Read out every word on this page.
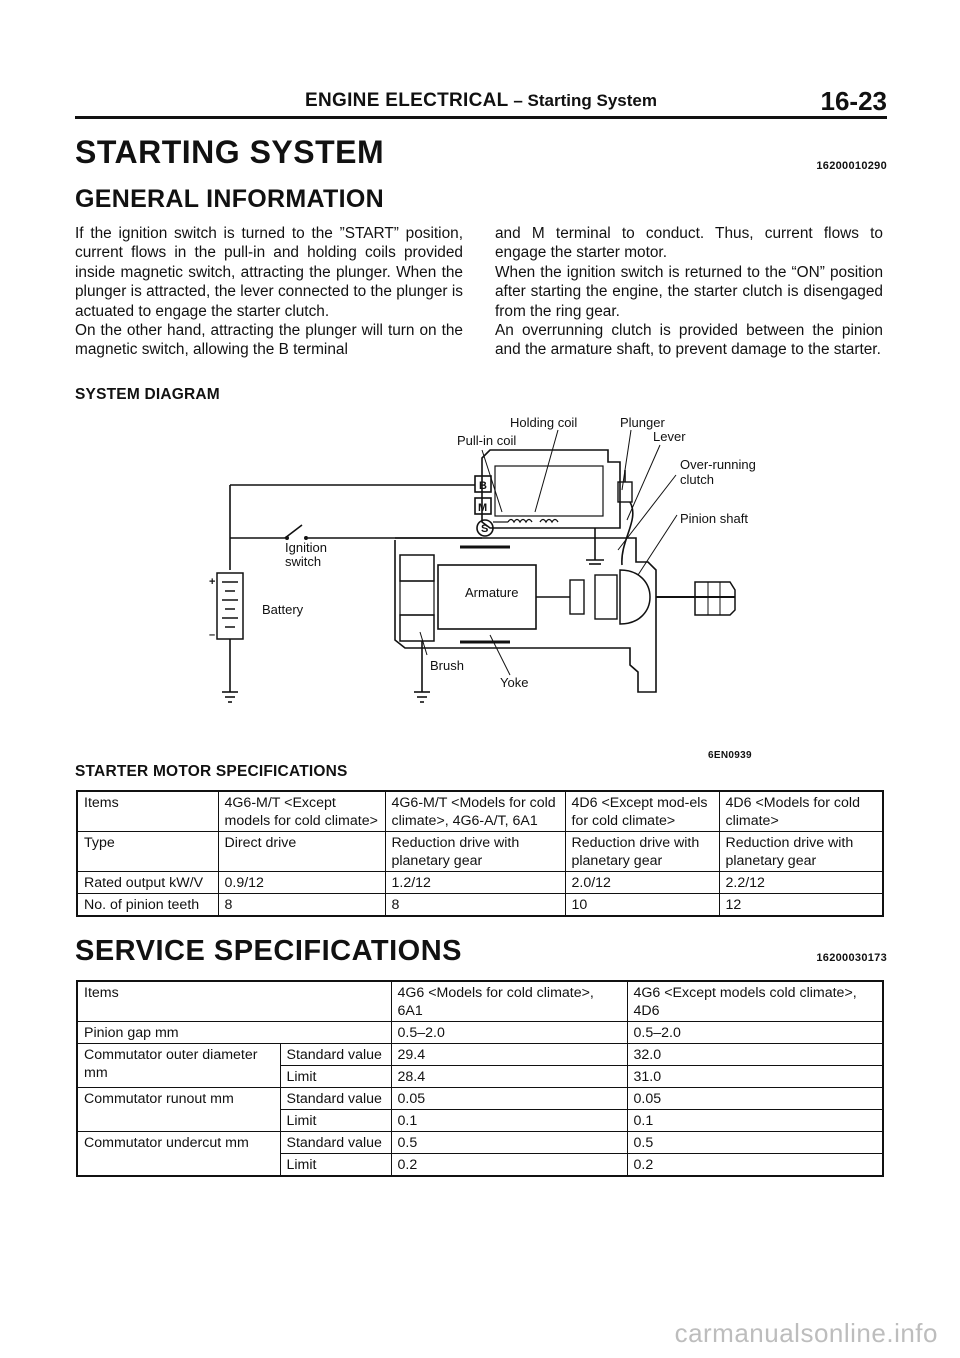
ENGINE ELECTRICAL – Starting System	16-23
STARTING SYSTEM	16200010290
GENERAL INFORMATION

If the ignition switch is turned to the ”START” position, current flows in the pull-in and holding coils provided inside magnetic switch, attracting the plunger. When the plunger is attracted, the lever connected to the plunger is actuated to engage the starter clutch.

On the other hand, attracting the plunger will turn on the magnetic switch, allowing the B terminal

and M terminal to conduct. Thus, current flows to engage the starter motor.

When the ignition switch is returned to the “ON” position after starting the engine, the starter clutch is disengaged from the ring gear.

An overrunning clutch is provided between the pinion and the armature shaft, to prevent damage to the starter.

SYSTEM DIAGRAM
Holding coil	Plunger
Pull-in coil	Lever
Over-running
clutch
Pinion shaft
Ignition
switch
Battery
Armature
Brush
Yoke
+
–
B
M
S
6EN0939
STARTER MOTOR SPECIFICATIONS
Items	4G6-M/T <Except models for cold climate>	4G6-M/T <Models for cold climate>, 4G6-A/T, 6A1	4D6 <Except mod-els for cold climate>	4D6 <Models for cold climate>
Type	Direct drive	Reduction drive with planetary gear	Reduction drive with planetary gear	Reduction drive with planetary gear
Rated output kW/V	0.9/12	1.2/12	2.0/12	2.2/12
No. of pinion teeth	8	8	10	12
SERVICE SPECIFICATIONS	16200030173
Items		4G6 <Models for cold climate>, 6A1	4G6 <Except models cold climate>, 4D6
Pinion gap mm		0.5–2.0	0.5–2.0
Commutator outer diameter mm	Standard value	29.4	32.0
	Limit	28.4	31.0
Commutator runout mm	Standard value	0.05	0.05
	Limit	0.1	0.1
Commutator undercut mm	Standard value	0.5	0.5
	Limit	0.2	0.2
carmanualsonline.info
